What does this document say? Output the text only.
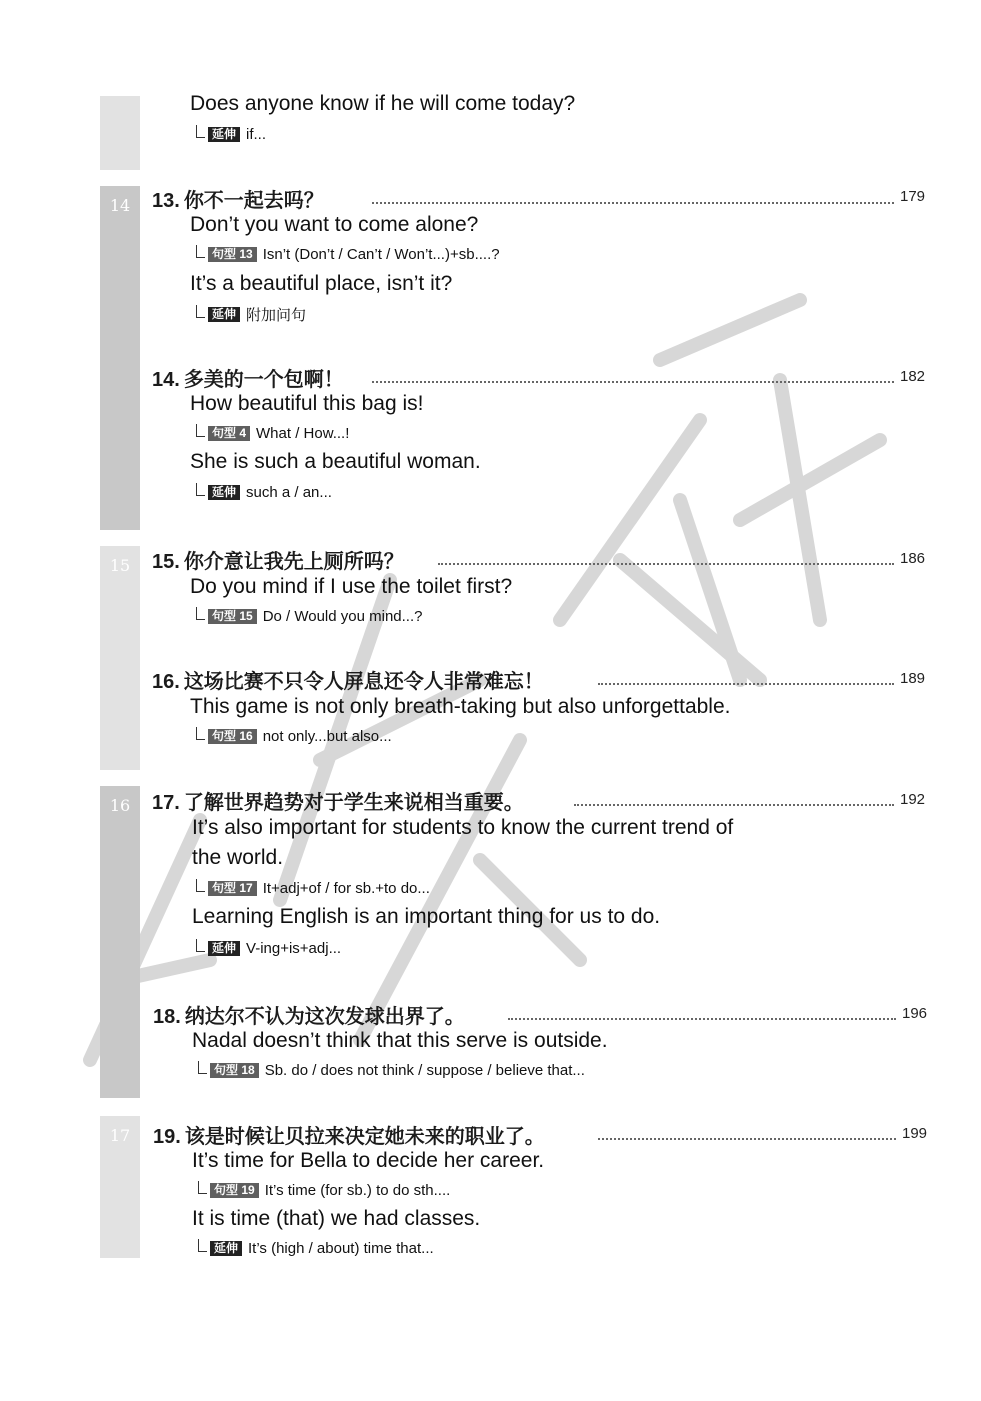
14
15
16
17
Does anyone know if he will come today?
延伸 if...
13. 你不一起去吗？	179
Don’t you want to come alone?
句型 13 Isn’t (Don’t / Can’t / Won’t...)+sb....?
It’s a beautiful place, isn’t it?
延伸 附加问句
14. 多美的一个包啊！	182
How beautiful this bag is!
句型 4 What / How...!
She is such a beautiful woman.
延伸 such a / an...
15. 你介意让我先上厕所吗？	186
Do you mind if I use the toilet first?
句型 15 Do / Would you mind...?
16. 这场比赛不只令人屏息还令人非常难忘！	189
This game is not only breath-taking but also unforgettable.
句型 16 not only...but also...
17. 了解世界趋势对于学生来说相当重要。	192
It’s also important for students to know the current trend of
the world.
句型 17 It+adj+of / for sb.+to do...
Learning English is an important thing for us to do.
延伸 V-ing+is+adj...
18. 纳达尔不认为这次发球出界了。	196
Nadal doesn’t think that this serve is outside.
句型 18 Sb. do / does not think / suppose / believe that...
19. 该是时候让贝拉来决定她未来的职业了。	199
It’s time for Bella to decide her career.
句型 19 It’s time (for sb.) to do sth....
It is time (that) we had classes.
延伸 It’s (high / about) time that...
